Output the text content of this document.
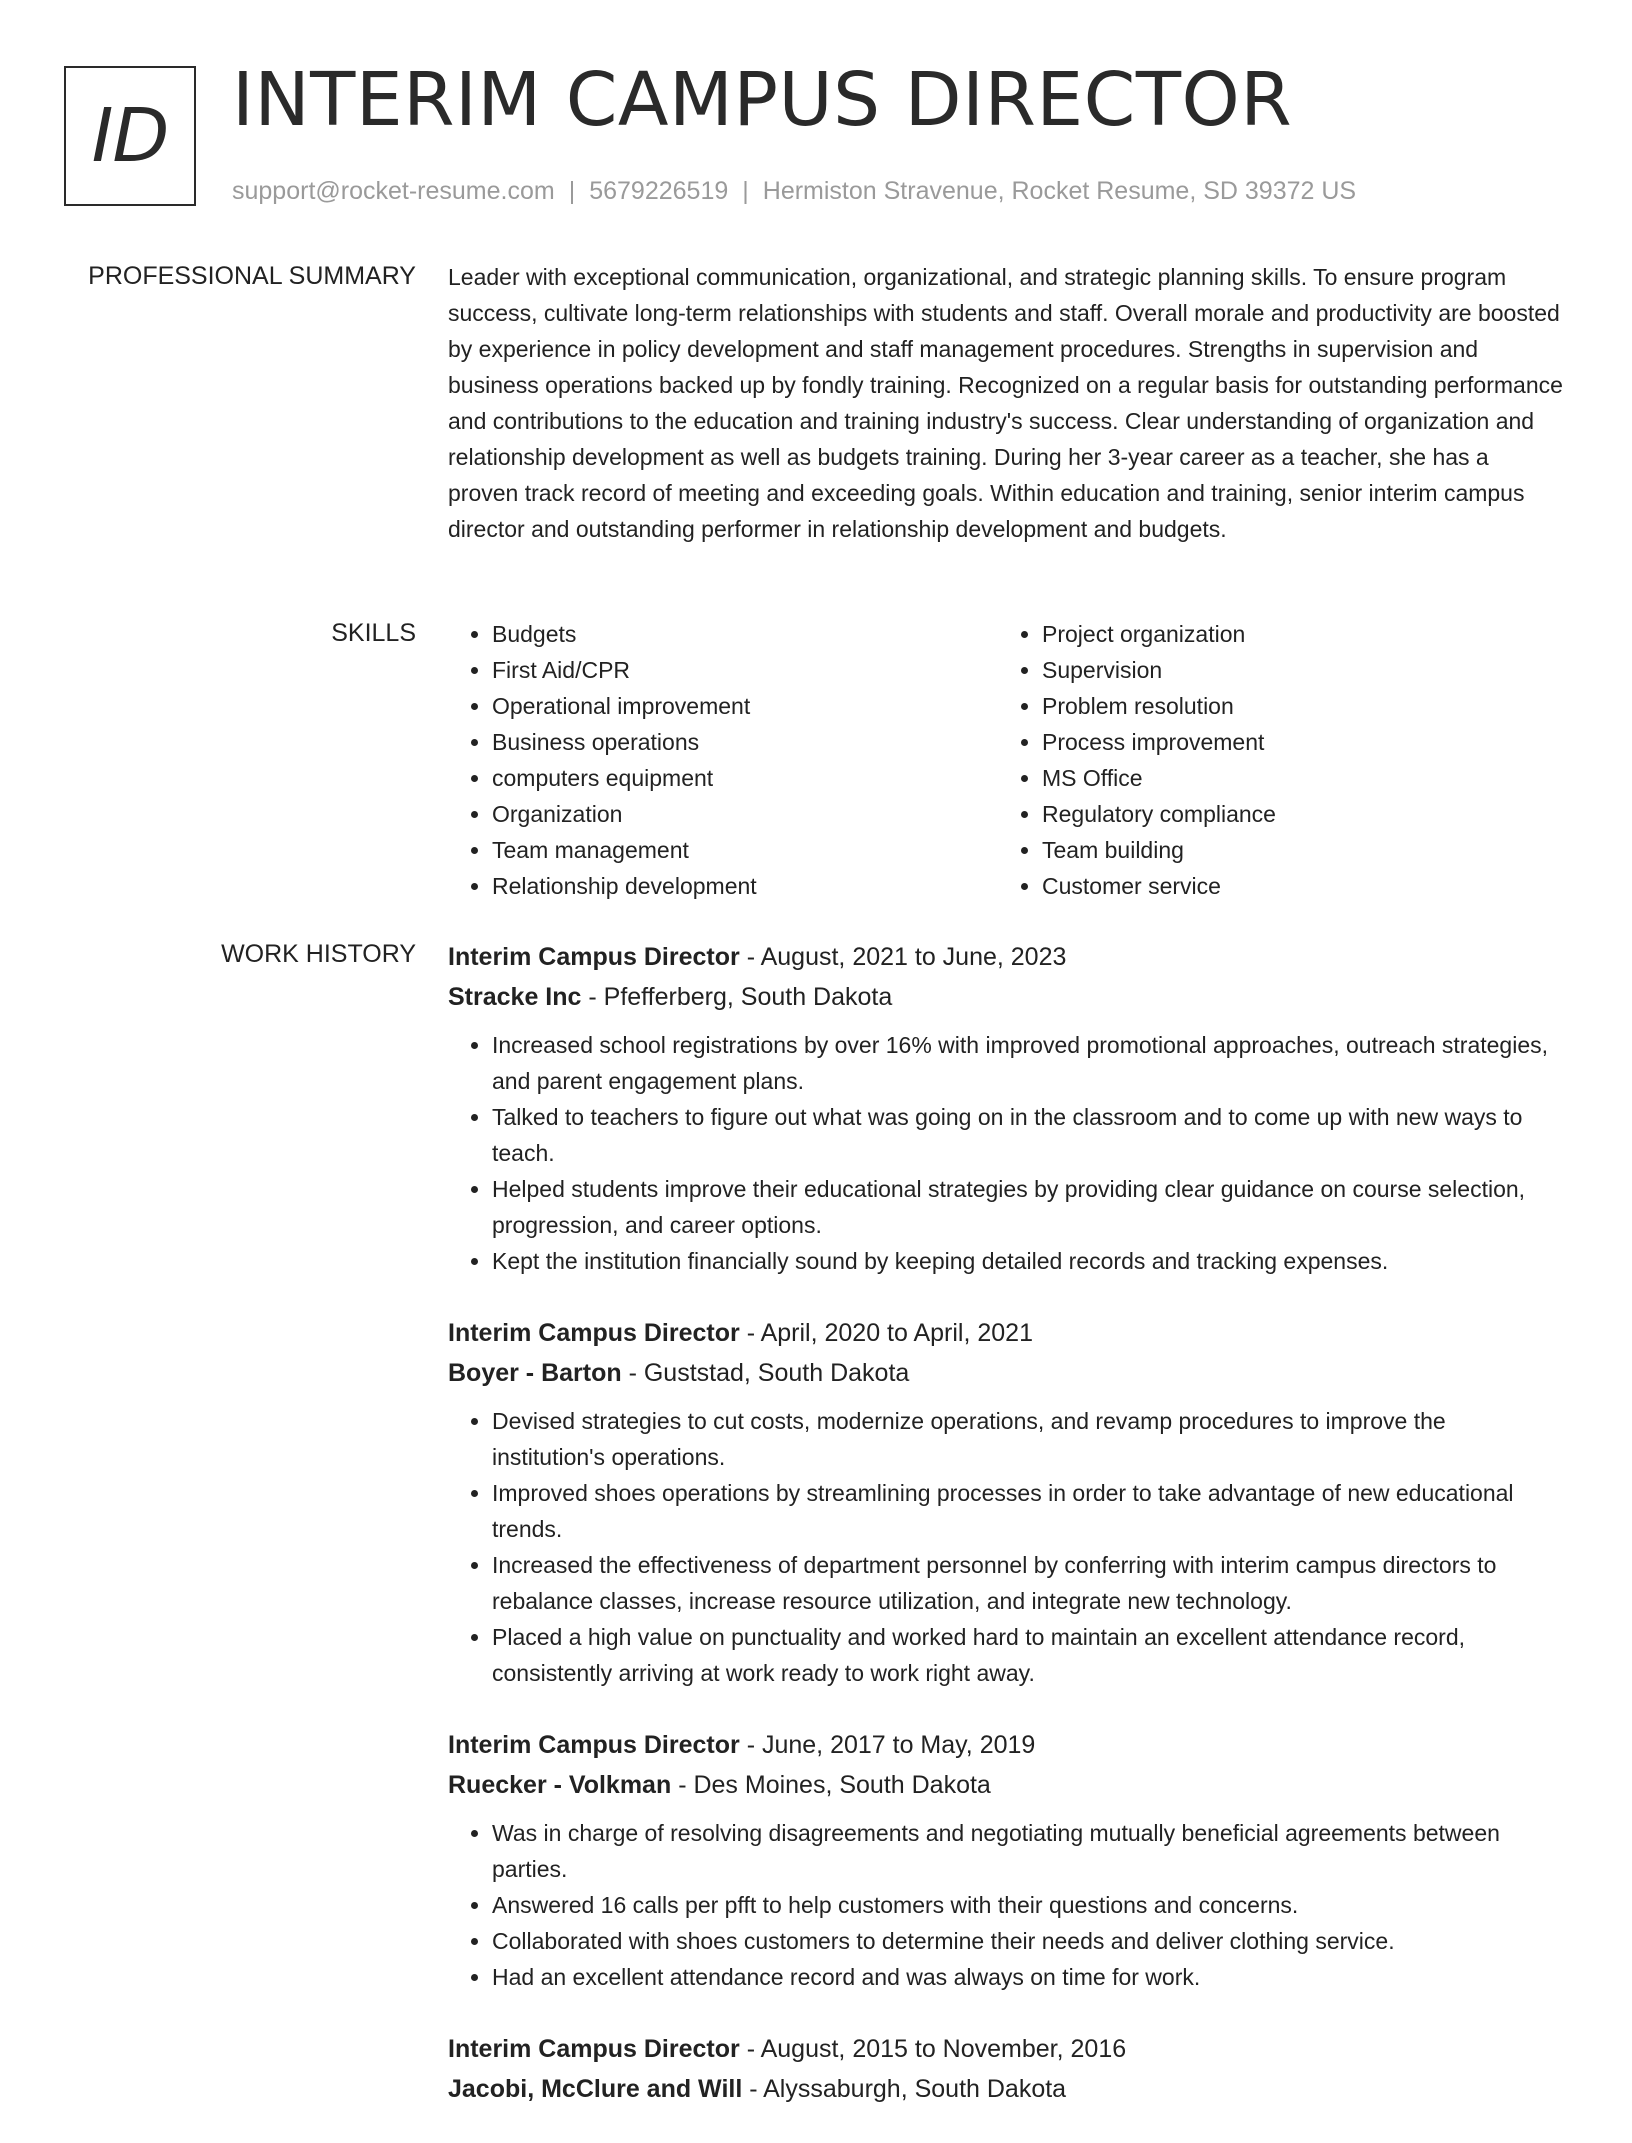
ID INTERIM CAMPUS DIRECTOR
support@rocket-resume.com | 5679226519 | Hermiston Stravenue, Rocket Resume, SD 39372 US
PROFESSIONAL SUMMARY Leader with exceptional communication, organizational, and strategic planning skills. To ensure program success, cultivate long-term relationships with students and staff. Overall morale and productivity are boosted by experience in policy development and staff management procedures. Strengths in supervision and business operations backed up by fondly training. Recognized on a regular basis for outstanding performance and contributions to the education and training industry's success. Clear understanding of organization and relationship development as well as budgets training. During her 3-year career as a teacher, she has a proven track record of meeting and exceeding goals. Within education and training, senior interim campus director and outstanding performer in relationship development and budgets.

SKILLS
•	Budgets
• First Aid/CPR
• Operational improvement
• Business operations
• computers equipment
• Organization
• Team management
• Relationship development
• Project organization
• Supervision
• Problem resolution
• Process improvement
• MS Office
• Regulatory compliance
• Team building
• Customer service
WORK HISTORY Interim Campus Director - August, 2021 to June, 2023
Stracke Inc - Pfefferberg, South Dakota
• Increased school registrations by over 16% with improved promotional approaches, outreach strategies, and parent engagement plans.
• Talked to teachers to figure out what was going on in the classroom and to come up with new ways to teach.
• Helped students improve their educational strategies by providing clear guidance on course selection, progression, and career options.
• Kept the institution financially sound by keeping detailed records and tracking expenses.
Interim Campus Director - April, 2020 to April, 2021
Boyer - Barton - Guststad, South Dakota
• Devised strategies to cut costs, modernize operations, and revamp procedures to improve the institution's operations.
• Improved shoes operations by streamlining processes in order to take advantage of new educational trends.
• Increased the effectiveness of department personnel by conferring with interim campus directors to rebalance classes, increase resource utilization, and integrate new technology.
• Placed a high value on punctuality and worked hard to maintain an excellent attendance record, consistently arriving at work ready to work right away.
Interim Campus Director - June, 2017 to May, 2019
Ruecker - Volkman - Des Moines, South Dakota
• Was in charge of resolving disagreements and negotiating mutually beneficial agreements between parties.
• Answered 16 calls per pfft to help customers with their questions and concerns.
• Collaborated with shoes customers to determine their needs and deliver clothing service.
• Had an excellent attendance record and was always on time for work.
Interim Campus Director - August, 2015 to November, 2016
Jacobi, McClure and Will - Alyssaburgh, South Dakota
